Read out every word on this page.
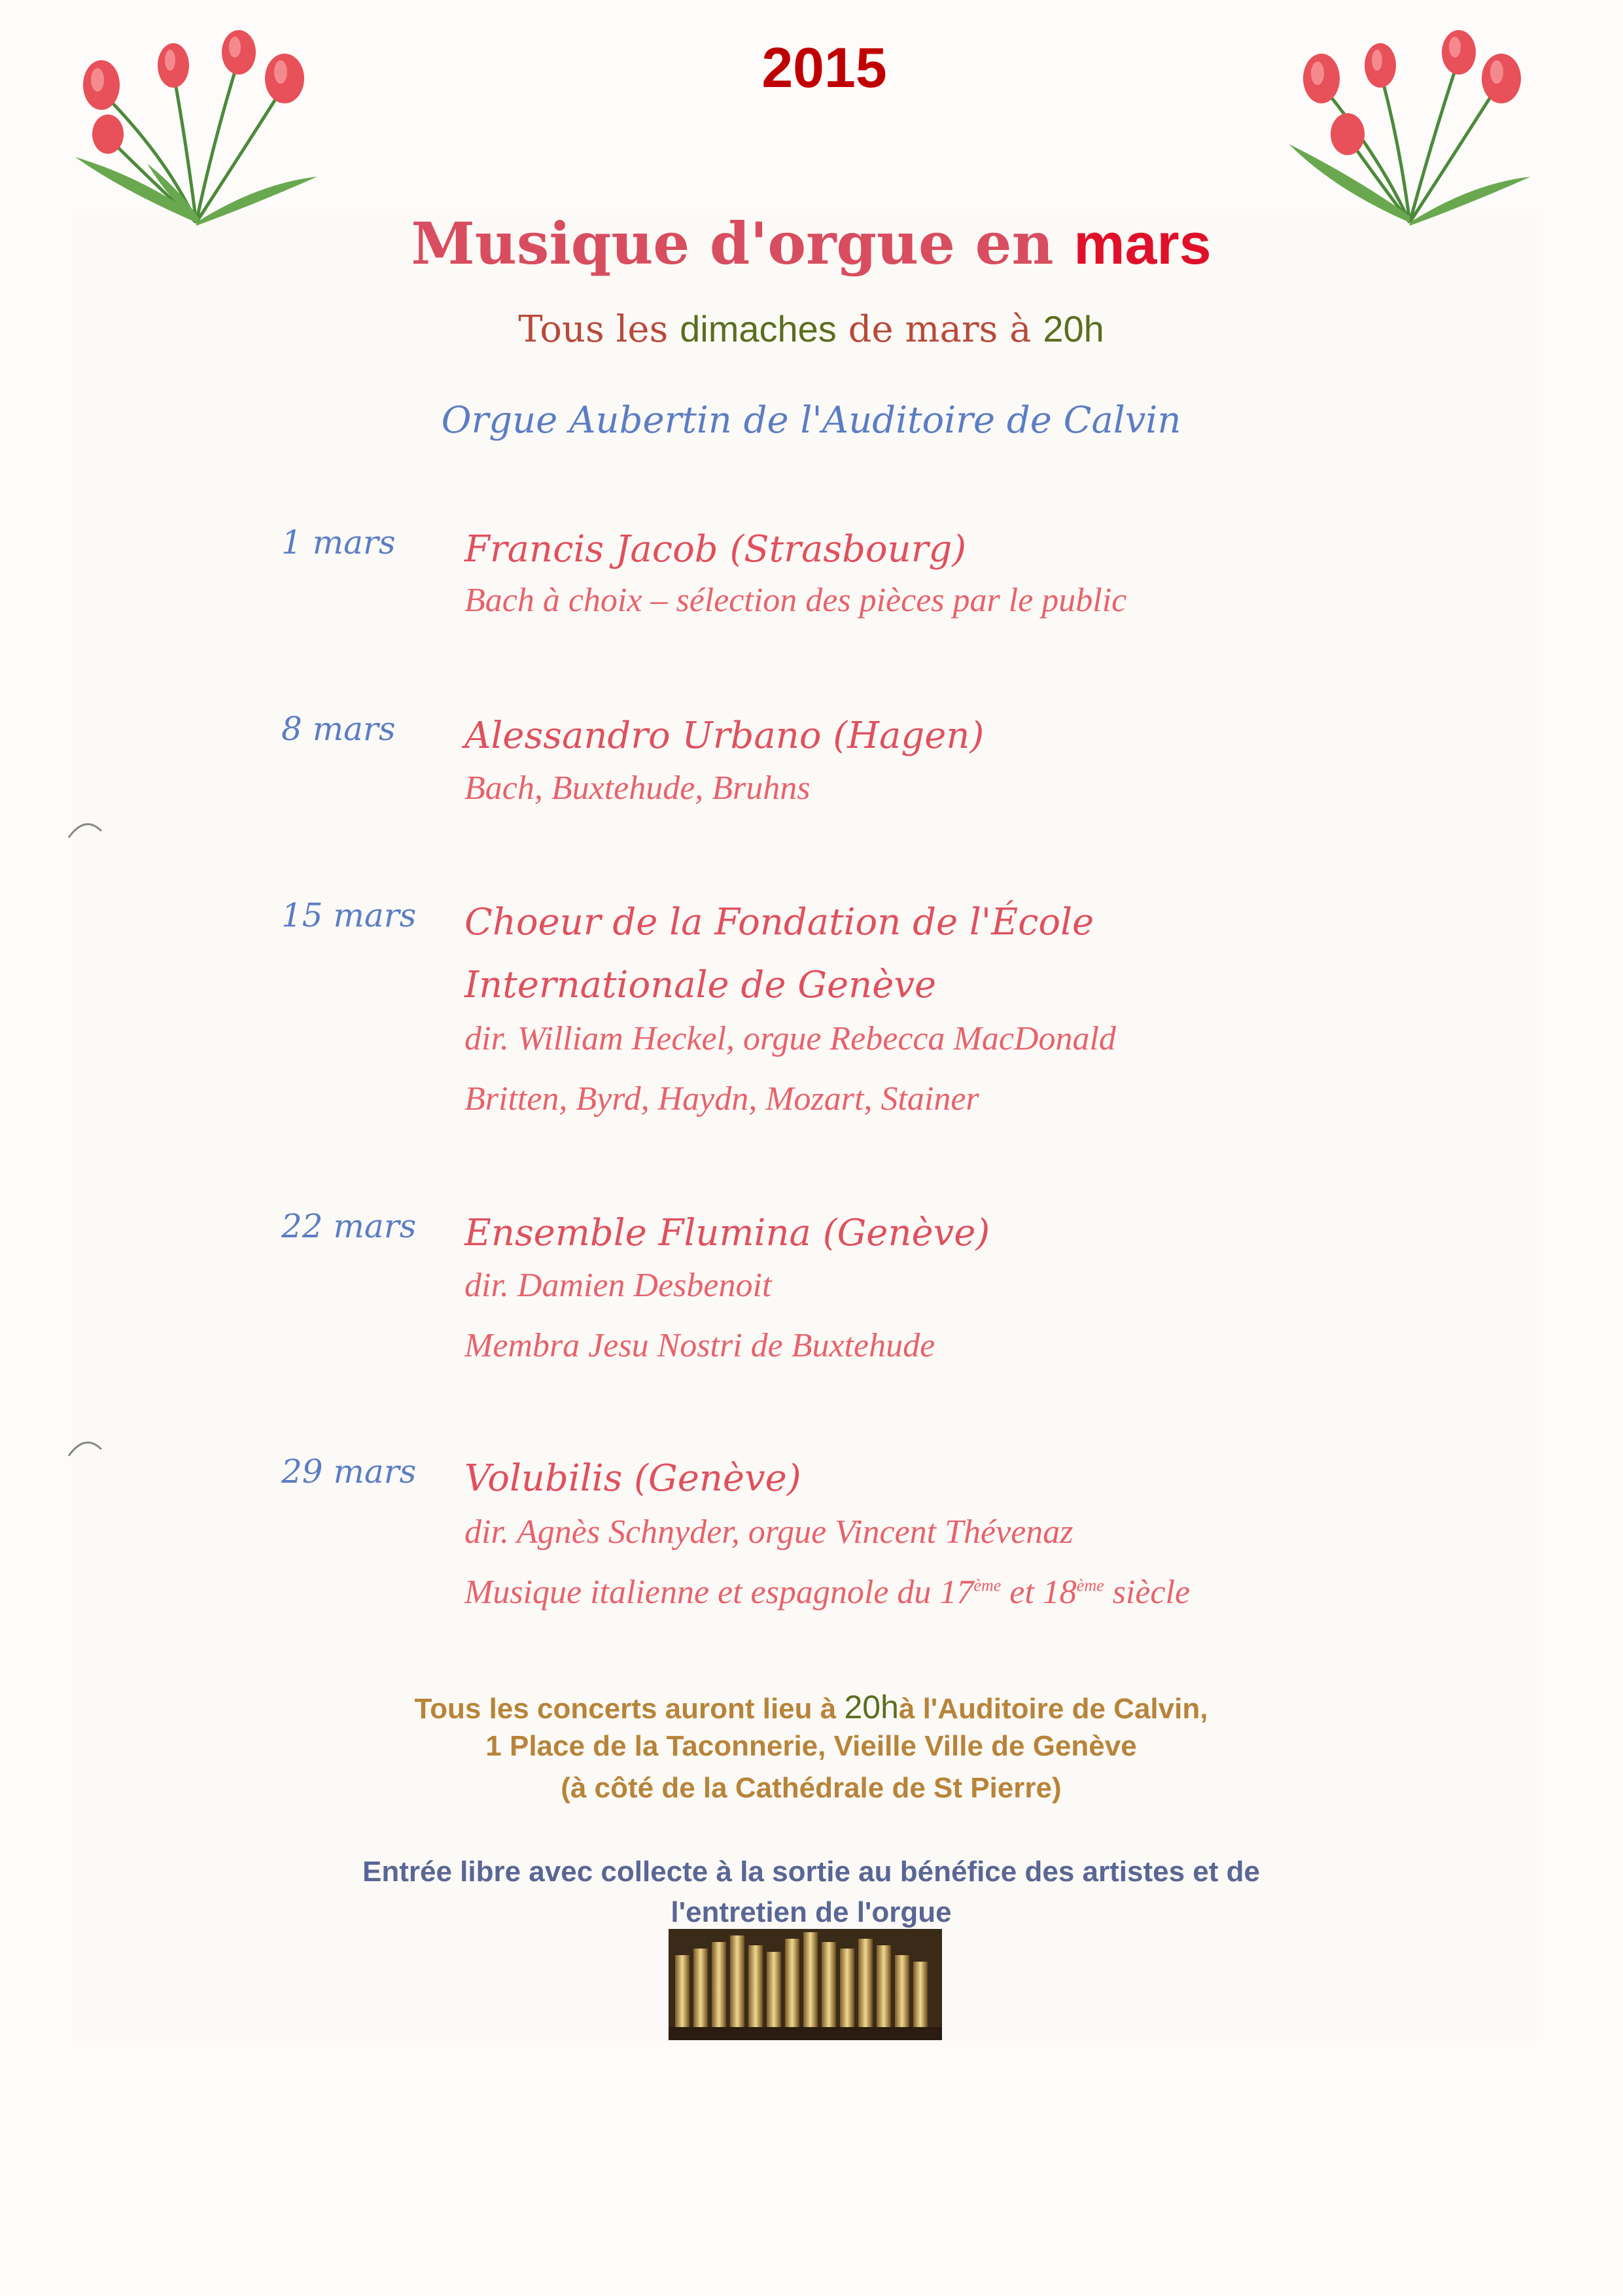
2015
Musique d'orgue en mars
Tous les dimaches de mars à 20h
Orgue Aubertin de l'Auditoire de Calvin
1 mars	Francis Jacob (Strasbourg)
Bach à choix – sélection des pièces par le public
8 mars	Alessandro Urbano (Hagen)
Bach, Buxtehude, Bruhns
15 mars	Choeur de la Fondation de l'École
Internationale de Genève
dir. William Heckel, orgue Rebecca MacDonald
Britten, Byrd, Haydn, Mozart, Stainer
22 mars	Ensemble Flumina (Genève)
dir. Damien Desbenoit
Membra Jesu Nostri de Buxtehude
29 mars	Volubilis (Genève)
dir. Agnès Schnyder, orgue Vincent Thévenaz
Musique italienne et espagnole du 17ème et 18ème siècle
Tous les concerts auront lieu à 20hà l'Auditoire de Calvin,
1 Place de la Taconnerie, Vieille Ville de Genève
(à côté de la Cathédrale de St Pierre)
Entrée libre avec collecte à la sortie au bénéfice des artistes et de
l'entretien de l'orgue
